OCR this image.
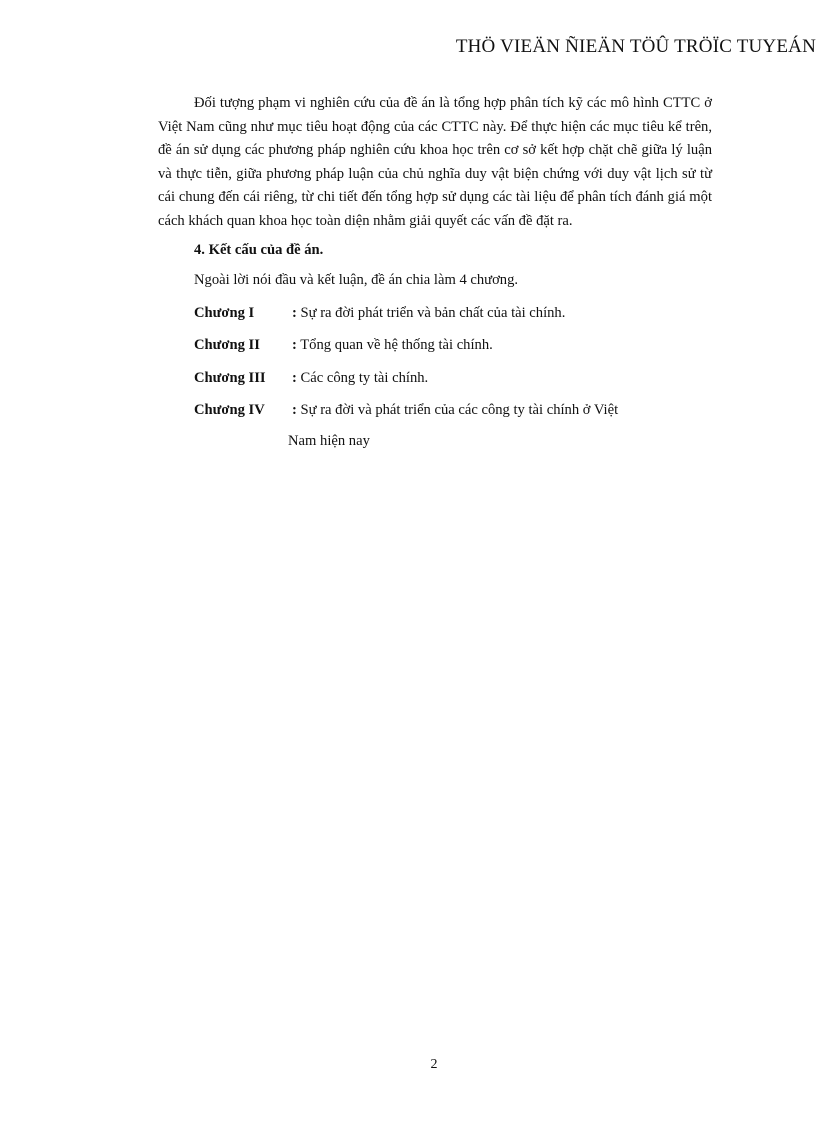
THÖ VIEÄN ÑIEÄN TÖÛ TRÖÏC TUYEÁN

Đối tượng phạm vi nghiên cứu của đề án là tổng hợp phân tích kỹ các mô hình CTTC ở Việt Nam cũng như mục tiêu hoạt động của các CTTC này. Để thực hiện các mục tiêu kể trên, đề án sử dụng các phương pháp nghiên cứu khoa học trên cơ sở kết hợp chặt chẽ giữa lý luận và thực tiễn, giữa phương pháp luận của chủ nghĩa duy vật biện chứng với duy vật lịch sử từ cái chung đến cái riêng, từ chi tiết đến tổng hợp sử dụng các tài liệu để phân tích đánh giá một cách khách quan khoa học toàn diện nhằm giải quyết các vấn đề đặt ra.

4. Kết cấu của đề án.

Ngoài lời nói đầu và kết luận, đề án chia làm 4 chương.

Chương I	: Sự ra đời phát triển và bản chất của tài chính.
Chương II : Tổng quan về hệ thống tài chính.
Chương III : Các công ty tài chính.
Chương IV : Sự ra đời và phát triển của các công ty tài chính ở Việt
Nam hiện nay
2
